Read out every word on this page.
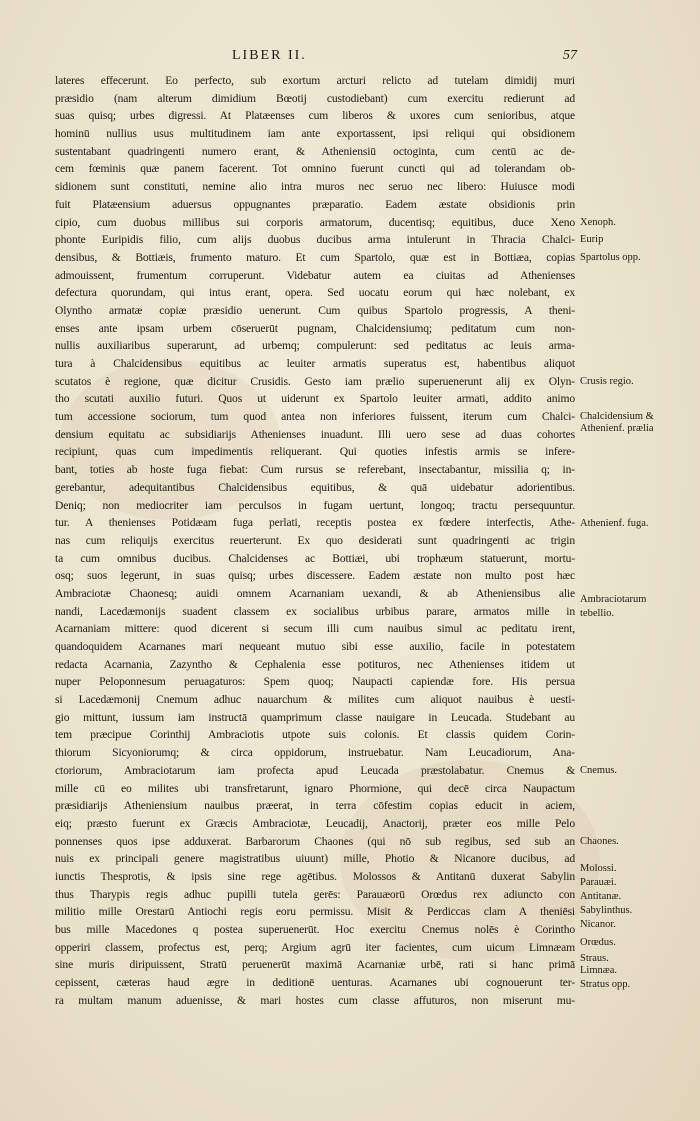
LIBER II.	57
lateres effecerunt. Eo perfecto, sub exortum arcturi relicto ad tutelam dimidij muri
præsidio (nam alterum dimidium Bœotij custodiebant) cum exercitu redierunt ad
suas quisq; urbes digressi. At Platæenses cum liberos & uxores cum senioribus, atque
hominū nullius usus multitudinem iam ante exportassent, ipsi reliqui qui obsidionem
sustentabant quadringenti numero erant, & Atheniensiū octoginta, cum centū ac de-
cem fœminis quæ panem facerent. Tot omnino fuerunt cuncti qui ad tolerandam ob-
sidionem sunt constituti, nemine alio intra muros nec seruo nec libero: Huiusce modi
fuit Platæensium aduersus oppugnantes præparatio. Eadem æstate obsidionis prin
cipio, cum duobus millibus sui corporis armatorum, ducentisq; equitibus, duce Xeno
phonte Euripidis filio, cum alijs duobus ducibus arma intulerunt in Thracia Chalci-
densibus, & Bottiæis, frumento maturo. Et cum Spartolo, quæ est in Bottiæa, copias
admouissent, frumentum corruperunt. Videbatur autem ea ciuitas ad Athenienses
defectura quorundam, qui intus erant, opera. Sed uocatu eorum qui hæc nolebant, ex
Olyntho armatæ copiæ præsidio uenerunt. Cum quibus Spartolo progressis, A theni-
enses ante ipsam urbem cōseruerūt pugnam, Chalcidensiumq; peditatum cum non-
nullis auxiliaribus superarunt, ad urbemq; compulerunt: sed peditatus ac leuis arma-
tura à Chalcidensibus equitibus ac leuiter armatis superatus est, habentibus aliquot
scutatos è regione, quæ dicitur Crusidis. Gesto iam prælio superuenerunt alij ex Olyn-
tho scutati auxilio futuri. Quos ut uiderunt ex Spartolo leuiter armati, addito animo
tum accessione sociorum, tum quod antea non inferiores fuissent, iterum cum Chalci-
densium equitatu ac subsidiarijs Athenienses inuadunt. Illi uero sese ad duas cohortes
recipiunt, quas cum impedimentis reliquerant. Qui quoties infestis armis se infere-
bant, toties ab hoste fuga fiebat: Cum rursus se referebant, insectabantur, missilia q; in-
gerebantur, adequitantibus Chalcidensibus equitibus, & quā uidebatur adorientibus.
Deniq; non mediocriter iam perculsos in fugam uertunt, longoq; tractu persequuntur.
tur. A thenienses Potidæam fuga perlati, receptis postea ex fœdere interfectis, Athe-
nas cum reliquijs exercitus reuerterunt. Ex quo desiderati sunt quadringenti ac trigin
ta cum omnibus ducibus. Chalcidenses ac Bottiæi, ubi trophæum statuerunt, mortu-
osq; suos legerunt, in suas quisq; urbes discessere. Eadem æstate non multo post hæc
Ambraciotæ Chaonesq; auidi omnem Acarnaniam uexandi, & ab Atheniensibus alie
nandi, Lacedæmonijs suadent classem ex socialibus urbibus parare, armatos mille in
Acarnaniam mittere: quod dicerent si secum illi cum nauibus simul ac peditatu irent,
quandoquidem Acarnanes mari nequeant mutuo sibi esse auxilio, facile in potestatem
redacta Acarnania, Zazyntho & Cephalenia esse potituros, nec Athenienses itidem ut
nuper Peloponnesum peruagaturos: Spem quoq; Naupacti capiendæ fore. His persua
si Lacedæmonij Cnemum adhuc nauarchum & milites cum aliquot nauibus è uesti-
gio mittunt, iussum iam instructā quamprimum classe nauigare in Leucada. Studebant au
tem præcipue Corinthij Ambraciotis utpote suis colonis. Et classis quidem Corin-
thiorum Sicyoniorumq; & circa oppidorum, instruebatur. Nam Leucadiorum, Ana-
ctoriorum, Ambraciotarum iam profecta apud Leucada præstolabatur. Cnemus &
mille cū eo milites ubi transfretarunt, ignaro Phormione, qui decē circa Naupactum
præsidiarijs Atheniensium nauibus præerat, in terra cōfestim copias educit in aciem,
eiq; præsto fuerunt ex Græcis Ambraciotæ, Leucadij, Anactorij, præter eos mille Pelo
ponnenses quos ipse adduxerat. Barbarorum Chaones (qui nō sub regibus, sed sub an
nuis ex principali genere magistratibus uiuunt) mille, Photio & Nicanore ducibus, ad
iunctis Thesprotis, & ipsis sine rege agētibus. Molossos & Antitanū duxerat Sabylin
thus Tharypis regis adhuc pupilli tutela gerēs: Parauæorū Orœdus rex adiuncto con
militio mille Orestarū Antiochi regis eoru permissu. Misit & Perdiccas clam A theniēsi
bus mille Macedones q postea superuenerūt. Hoc exercitu Cnemus nolēs è Corintho
opperiri classem, profectus est, perq; Argium agrū iter facientes, cum uicum Limnæam
sine muris diripuissent, Stratū peruenerūt maximā Acarnaniæ urbē, rati si hanc primā
cepissent, cæteras haud ægre in deditionē uenturas. Acarnanes ubi cognouerunt ter-
ra multam manum aduenisse, & mari hostes cum classe affuturos, non miserunt mu-
Xenoph.
Eurip
Spartolus opp.
Crusis regio.
Chalcidensium &
Athenienf. prælia
Athenienf. fuga.
Ambraciotarum
tebellio.
Cnemus.
Chaones.
Molossi.
Parauæi.
Antitanæ.
Sabylinthus.
Nicanor.
Orœdus.
Straus.
Limnæa.
Stratus opp.
